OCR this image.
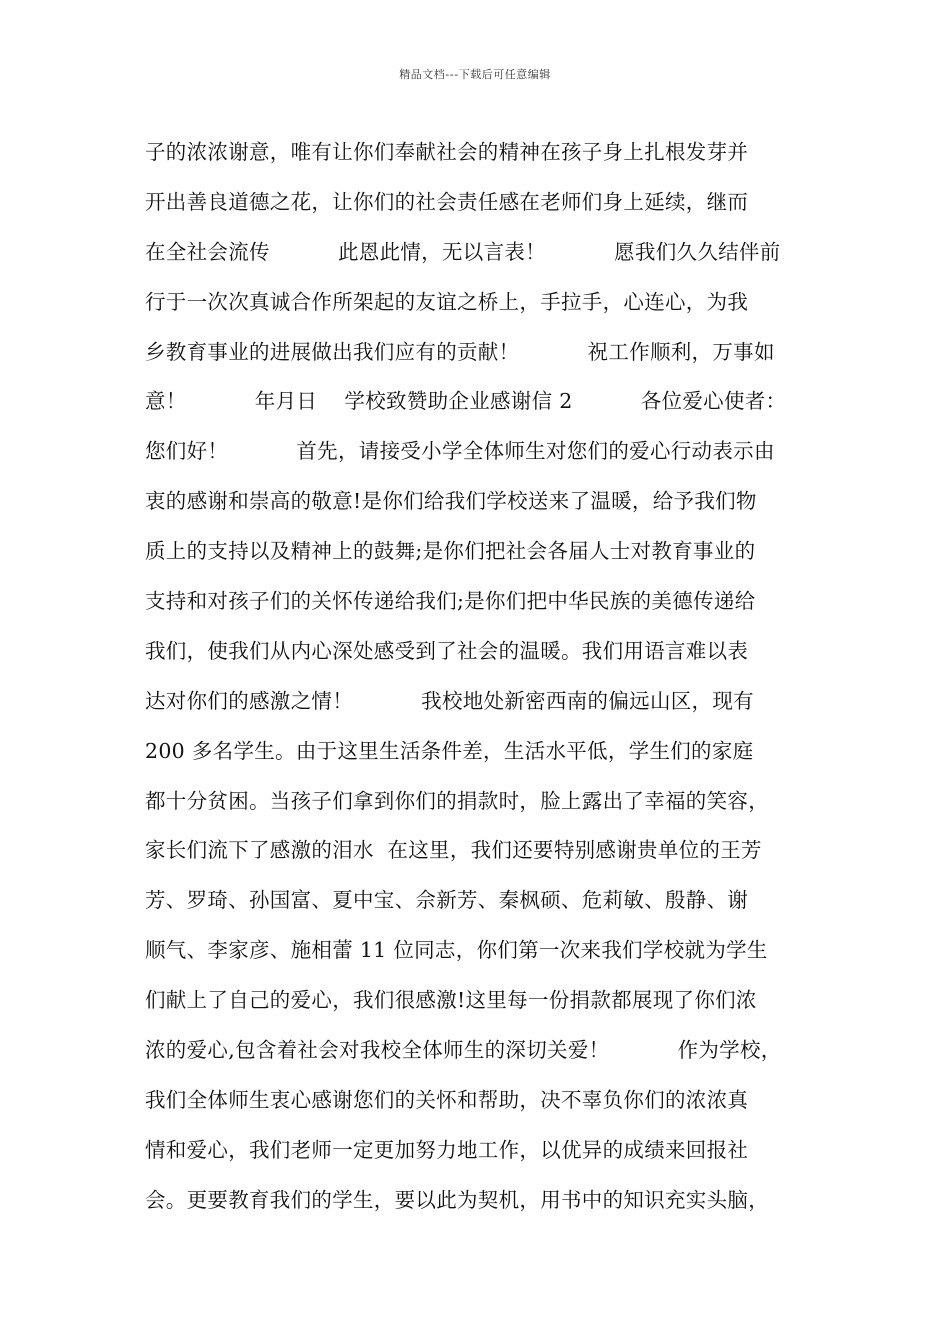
精品文档---下载后可任意编辑
子的浓浓谢意，唯有让你们奉献社会的精神在孩子身上扎根发芽并
开出善良道德之花，让你们的社会责任感在老师们身上延续，继而
在全社会流传          此恩此情，无以言表！          愿我们久久结伴前
行于一次次真诚合作所架起的友谊之桥上，手拉手，心连心，为我
乡教育事业的进展做出我们应有的贡献！          祝工作顺利，万事如
意！          年月日    学校致赞助企业感谢信 2          各位爱心使者：
您们好！          首先，请接受小学全体师生对您们的爱心行动表示由
衷的感谢和崇高的敬意!是你们给我们学校送来了温暖，给予我们物
质上的支持以及精神上的鼓舞;是你们把社会各届人士对教育事业的
支持和对孩子们的关怀传递给我们;是你们把中华民族的美德传递给
我们，使我们从内心深处感受到了社会的温暖。我们用语言难以表
达对你们的感激之情！          我校地处新密西南的偏远山区，现有
200 多名学生。由于这里生活条件差，生活水平低，学生们的家庭
都十分贫困。当孩子们拿到你们的捐款时，脸上露出了幸福的笑容，
家长们流下了感激的泪水  在这里，我们还要特别感谢贵单位的王芳
芳、罗琦、孙国富、夏中宝、佘新芳、秦枫硕、危莉敏、殷静、谢
顺气、李家彦、施相蕾 11 位同志，你们第一次来我们学校就为学生
们献上了自己的爱心，我们很感激!这里每一份捐款都展现了你们浓
浓的爱心,包含着社会对我校全体师生的深切关爱！          作为学校，
我们全体师生衷心感谢您们的关怀和帮助，决不辜负你们的浓浓真
情和爱心，我们老师一定更加努力地工作，以优异的成绩来回报社
会。更要教育我们的学生，要以此为契机，用书中的知识充实头脑，
